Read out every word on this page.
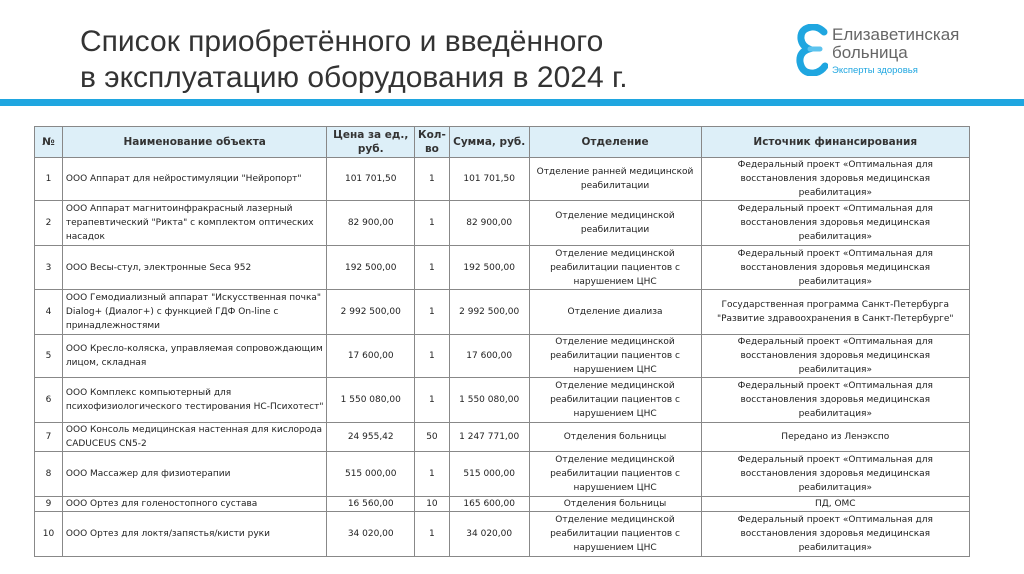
Список приобретённого и введённого
в эксплуатацию оборудования в 2024 г.
Елизаветинская
больница
Эксперты здоровья
№	Наименование объекта	Цена за ед., руб.	Кол-во	Сумма, руб.	Отделение	Источник финансирования
1	ООО Аппарат для нейростимуляции "Нейропорт"	101 701,50	1	101 701,50	Отделение ранней медицинской реабилитации	Федеральный проект «Оптимальная для восстановления здоровья медицинская реабилитация»
2	ООО Аппарат магнитоинфракрасный лазерный терапевтический "Рикта" с комплектом оптических насадок	82 900,00	1	82 900,00	Отделение медицинской реабилитации	Федеральный проект «Оптимальная для восстановления здоровья медицинская реабилитация»
3	ООО Весы-стул, электронные Seca 952	192 500,00	1	192 500,00	Отделение медицинской реабилитации пациентов с нарушением ЦНС	Федеральный проект «Оптимальная для восстановления здоровья медицинская реабилитация»
4	ООО Гемодиализный аппарат "Искусственная почка" Dialog+ (Диалог+) с функцией ГДФ On-line с принадлежностями	2 992 500,00	1	2 992 500,00	Отделение диализа	Государственная программа Санкт-Петербурга "Развитие здравоохранения в Санкт-Петербурге"
5	ООО Кресло-коляска, управляемая сопровождающим лицом, складная	17 600,00	1	17 600,00	Отделение медицинской реабилитации пациентов с нарушением ЦНС	Федеральный проект «Оптимальная для восстановления здоровья медицинская реабилитация»
6	ООО Комплекс компьютерный для психофизиологического тестирования НС-Психотест"	1 550 080,00	1	1 550 080,00	Отделение медицинской реабилитации пациентов с нарушением ЦНС	Федеральный проект «Оптимальная для восстановления здоровья медицинская реабилитация»
7	ООО Консоль медицинская настенная для кислорода CADUCEUS CN5-2	24 955,42	50	1 247 771,00	Отделения больницы	Передано из Ленэкспо
8	ООО Массажер для физиотерапии	515 000,00	1	515 000,00	Отделение медицинской реабилитации пациентов с нарушением ЦНС	Федеральный проект «Оптимальная для восстановления здоровья медицинская реабилитация»
9	ООО Ортез для голеностопного сустава	16 560,00	10	165 600,00	Отделения больницы	ПД, ОМС
10	ООО Ортез для локтя/запястья/кисти руки	34 020,00	1	34 020,00	Отделение медицинской реабилитации пациентов с нарушением ЦНС	Федеральный проект «Оптимальная для восстановления здоровья медицинская реабилитация»
